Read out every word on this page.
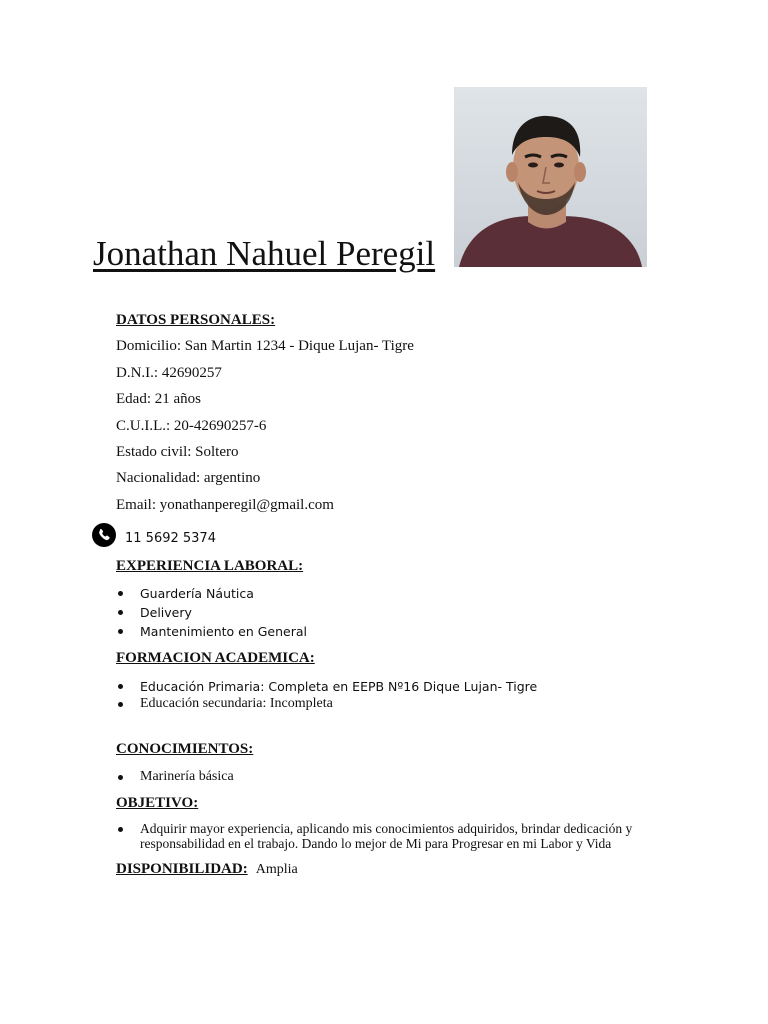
Jonathan Nahuel Peregil
DATOS PERSONALES:
Domicilio: San Martin 1234 - Dique Lujan- Tigre
D.N.I.: 42690257
Edad: 21 años
C.U.I.L.: 20-42690257-6
Estado civil: Soltero
Nacionalidad: argentino
Email: yonathanperegil@gmail.com
11 5692 5374
EXPERIENCIA LABORAL:
Guardería Náutica
Delivery
Mantenimiento en General
FORMACION ACADEMICA:
Educación Primaria: Completa en EEPB Nº16 Dique Lujan- Tigre
Educación secundaria: Incompleta
CONOCIMIENTOS:
Marinería básica
OBJETIVO:
Adquirir mayor experiencia, aplicando mis conocimientos adquiridos, brindar dedicación y responsabilidad en el trabajo. Dando lo mejor de Mi para Progresar en mi Labor y Vida
DISPONIBILIDAD: Amplia
